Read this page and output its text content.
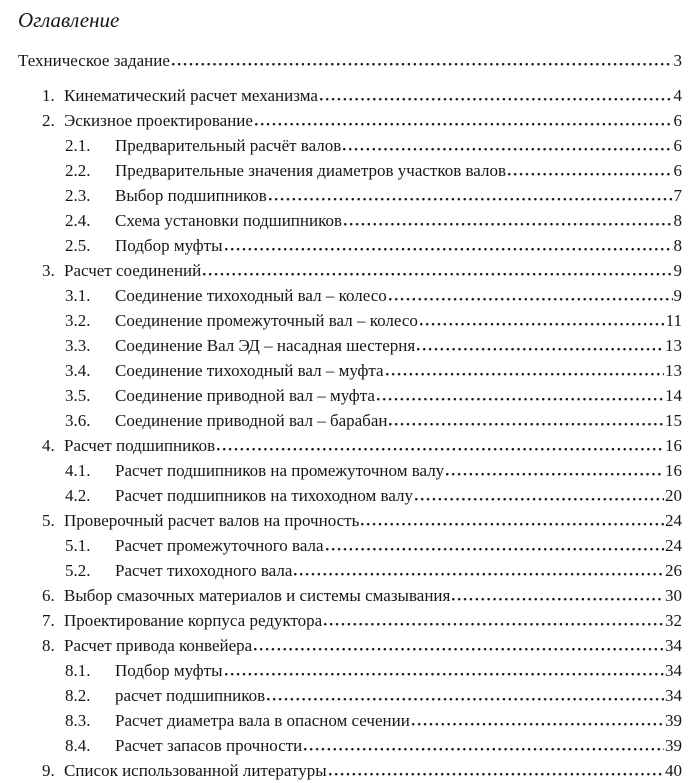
Оглавление
Техническое задание	3
1. Кинематический расчет механизма	4
2. Эскизное проектирование	6
2.1.	Предварительный расчёт валов	6
2.2.	Предварительные значения диаметров участков валов	6
2.3.	Выбор подшипников	7
2.4.	Схема установки подшипников	8
2.5.	Подбор муфты	8
3. Расчет соединений	9
3.1.	Соединение тихоходный вал – колесо	9
3.2.	Соединение промежуточный вал – колесо	11
3.3.	Соединение Вал ЭД – насадная шестерня	13
3.4.	Соединение тихоходный вал – муфта	13
3.5.	Соединение приводной вал – муфта	14
3.6.	Соединение приводной вал – барабан	15
4. Расчет подшипников	16
4.1.	Расчет подшипников на промежуточном валу	16
4.2.	Расчет подшипников на тихоходном валу	20
5. Проверочный расчет валов на прочность	24
5.1.	Расчет промежуточного вала	24
5.2.	Расчет тихоходного вала	26
6. Выбор смазочных материалов и системы смазывания	30
7. Проектирование корпуса редуктора	32
8. Расчет привода конвейера	34
8.1.	Подбор муфты	34
8.2.	расчет подшипников	34
8.3.	Расчет диаметра вала в опасном сечении	39
8.4.	Расчет запасов прочности	39
9. Список использованной литературы	40
